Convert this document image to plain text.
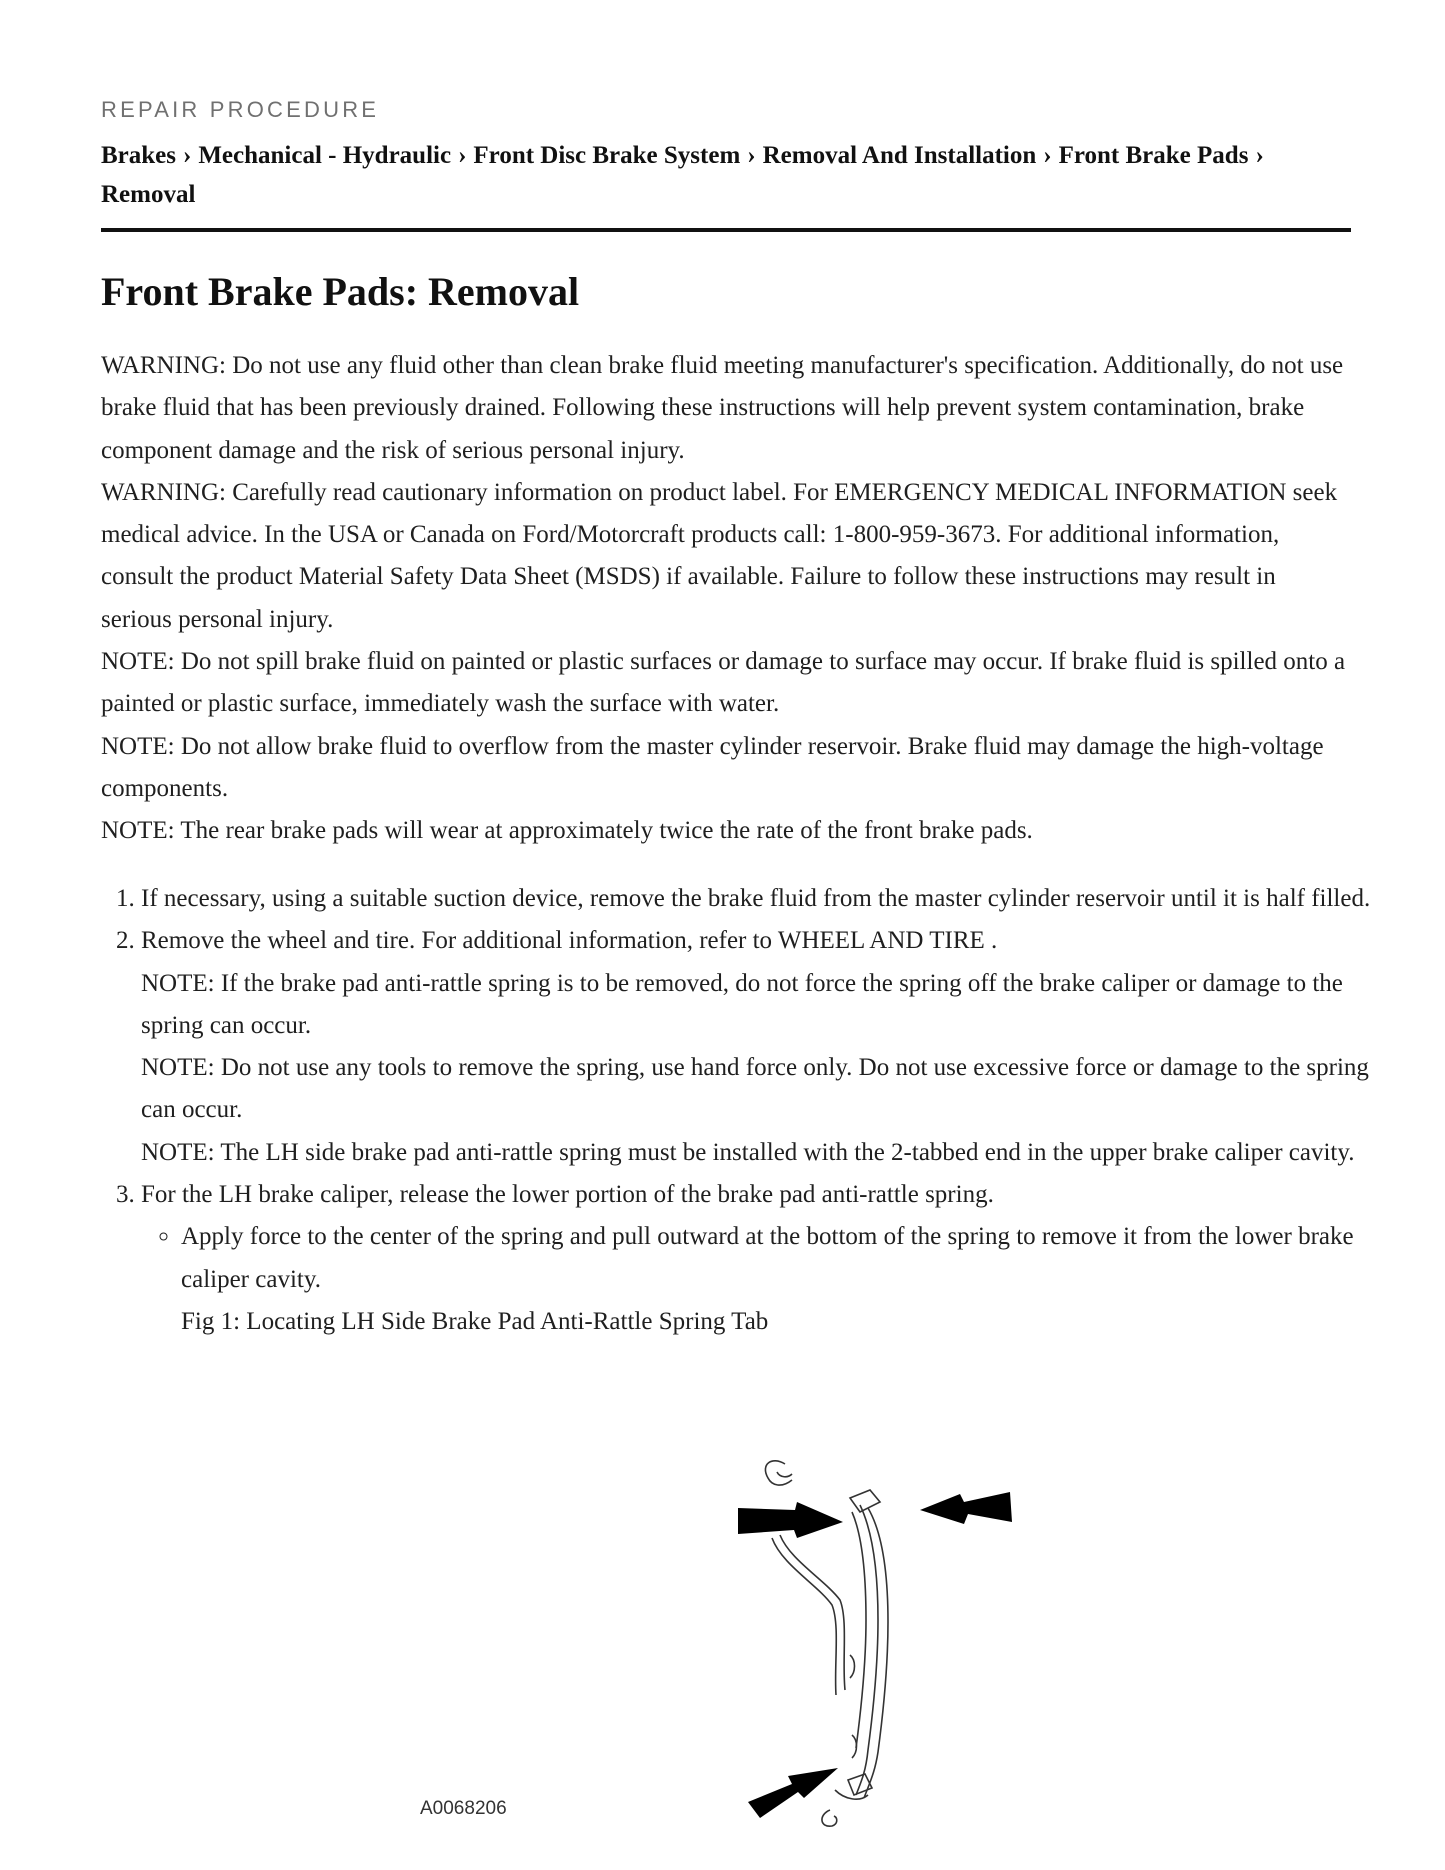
REPAIR PROCEDURE
Brakes › Mechanical - Hydraulic › Front Disc Brake System › Removal And Installation › Front Brake Pads ›
Removal
Front Brake Pads: Removal

WARNING: Do not use any fluid other than clean brake fluid meeting manufacturer's specification. Additionally, do not use brake fluid that has been previously drained. Following these instructions will help prevent system contamination, brake component damage and the risk of serious personal injury.

WARNING: Carefully read cautionary information on product label. For EMERGENCY MEDICAL INFORMATION seek medical advice. In the USA or Canada on Ford/Motorcraft products call: 1-800-959-3673. For additional information, consult the product Material Safety Data Sheet (MSDS) if available. Failure to follow these instructions may result in serious personal injury.

NOTE: Do not spill brake fluid on painted or plastic surfaces or damage to surface may occur. If brake fluid is spilled onto a painted or plastic surface, immediately wash the surface with water.

NOTE: Do not allow brake fluid to overflow from the master cylinder reservoir. Brake fluid may damage the high-voltage components.

NOTE: The rear brake pads will wear at approximately twice the rate of the front brake pads.

1. If necessary, using a suitable suction device, remove the brake fluid from the master cylinder reservoir until it is half filled.
2. Remove the wheel and tire. For additional information, refer to WHEEL AND TIRE .
NOTE: If the brake pad anti-rattle spring is to be removed, do not force the spring off the brake caliper or damage to the spring can occur.
NOTE: Do not use any tools to remove the spring, use hand force only. Do not use excessive force or damage to the spring can occur.
NOTE: The LH side brake pad anti-rattle spring must be installed with the 2-tabbed end in the upper brake caliper cavity.
3. For the LH brake caliper, release the lower portion of the brake pad anti-rattle spring.
◦ Apply force to the center of the spring and pull outward at the bottom of the spring to remove it from the lower brake caliper cavity.
Fig 1: Locating LH Side Brake Pad Anti-Rattle Spring Tab
A0068206
